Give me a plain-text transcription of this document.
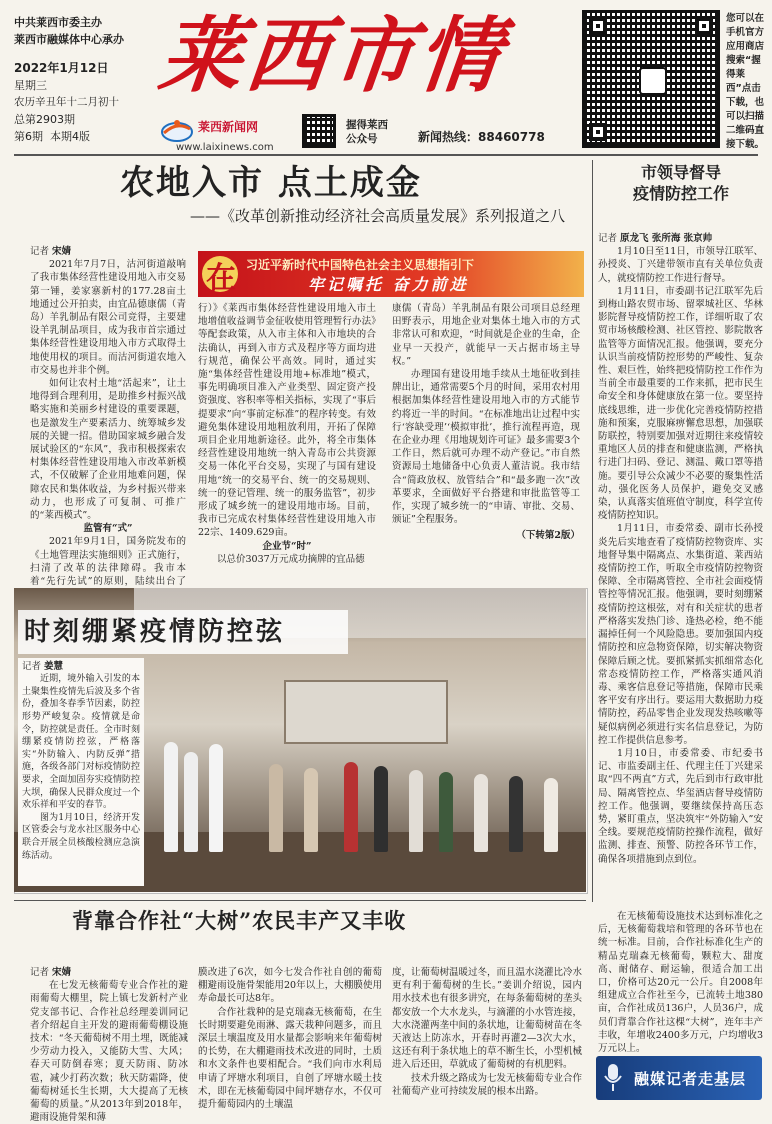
中共莱西市委主办
莱西市融媒体中心承办
2022年1月12日
星期三
农历辛丑年十二月初十
总第2903期
第6期 本期4版
莱西市情
莱西新闻网
www.laixinews.com
握得莱西
公众号	新闻热线：88460778
您可以在手机官方应用商店搜索“握得莱西”点击下载，也可以扫描二维码直接下载。
农地入市 点土成金
——《改革创新推动经济社会高质量发展》系列报道之八

记者 宋婧

2021年7月7日，沽河街道敲响了我市集体经营性建设用地入市交易第一锤，姜家寨新村的177.28亩土地通过公开拍卖，由宜品德康儒（青岛）羊乳制品有限公司竞得，主要建设羊乳制品项目，成为我市首宗通过集体经营性建设用地入市方式取得土地使用权的项目。而沽河街道农地入市交易也并非个例。

如何让农村土地“活起来”，让土地得到合理利用，是助推乡村振兴战略实施和美丽乡村建设的重要课题，也是激发生产要素活力、统筹城乡发展的关键一招。借助国家城乡融合发展试验区的“东风”，我市积极探索农村集体经营性建设用地入市改革新模式，不仅破解了企业用地难问题，保障农民和集体收益，为乡村振兴带来动力，也形成了可复制、可推广的“莱西模式”。

监管有“式”

2021年9月1日，国务院发布的《土地管理法实施细则》正式施行，扫清了改革的法律障碍。我市本着“先行先试”的原则，陆续出台了

在 习近平新时代中国特色社会主义思想指引下
牢记嘱托 奋力前进

行）》《莱西市集体经营性建设用地入市土地增值收益调节金征收使用管理暂行办法》等配套政策，从入市主体和入市地块的合法确认，再到入市方式及程序等方面均进行规范，确保公平高效。同时，通过实施“集体经营性建设用地+标准地”模式，事先明确项目准入产业类型、固定资产投资强度、容积率等相关指标，实现了“事后提要求”向“事前定标准”的程序转变。有效避免集体建设用地粗放利用，开拓了保障项目企业用地新途径。此外，将全市集体经营性建设用地统一纳入青岛市公共资源交易一体化平台交易，实现了与国有建设用地“统一的交易平台、统一的交易规则、统一的登记管理、统一的服务监管”，初步形成了城乡统一的建设用地市场。目前，我市已完成农村集体经营性建设用地入市22宗、1409.629亩。

企业节“时”

以总价3037万元成功摘牌的宜品德

康儒（青岛）羊乳制品有限公司项目总经理田野表示，用地企业对集体土地入市的方式非常认可和欢迎，“时间就是企业的生命，企业早一天投产，就能早一天占据市场主导权。”

办理国有建设用地手续从土地征收到挂牌出让，通常需要5个月的时间，采用农村用根据加集体经营性建设用地入市的方式能节约将近一半的时间。“在标准地出让过程中实行‘容缺受理’‘模拟审批’，推行流程再造，现在企业办理《用地规划许可证》最多需要3个工作日，然后就可办理不动产登记。”市自然资源局土地储备中心负责人董洁说。我市结合“简政放权、放管结合”和“最多跑一次”改革要求，全面做好平台搭建和审批监管等工作，实现了城乡统一的“申请、审批、交易、颁证”全程服务。

（下转第2版）

市领导督导
疫情防控工作

记者 原龙飞 张所海 张京帅

1月10日至11日，市领导江联军、孙授炎、丁兴建带领市直有关单位负责人，就疫情防控工作进行督导。

1月11日，市委副书记江联军先后到梅山路农贸市场、留翠城社区、华林影院督导疫情防控工作，详细听取了农贸市场核酸检测、社区管控、影院散客监管等方面情况汇报。他强调，要充分认识当前疫情防控形势的严峻性、复杂性、艰巨性，始终把疫情防控工作作为当前全市最重要的工作来抓，把市民生命安全和身体健康放在第一位。要坚持底线思维，进一步优化完善疫情防控措施和预案，克服麻痹懈怠思想，加强联防联控，特别要加强对近期往来疫情较重地区人员的排查和健康监测，严格执行进门扫码、登记、测温、戴口罩等措施。要引导公众减少不必要的聚集性活动，强化医务人员保护，避免交叉感染，认真落实值班值守制度，科学宣传疫情防控知识。

1月11日，市委常委、副市长孙授炎先后实地查看了疫情防控物资库、实地督导集中隔离点、水集街道、莱西站疫情防控工作，听取全市疫情防控物资保障、全市隔离管控、全市社会面疫情管控等情况汇报。他强调，要时刻绷紧疫情防控这根弦，对有和关症状的患者严格落实发热门诊、逢热必检，绝不能漏掉任何一个风险隐患。要加强国内疫情防控和应急物资保障，切实解决物资保障后顾之忧。要抓紧抓实抓细常态化常态疫情防控工作，严格落实通风消毒、乘客信息登记等措施，保障市民乘客平安有序出行。要运用大数据助力疫情防控，药品零售企业发现发热咳嗽等疑似病例必须进行实名信息登记，为防控工作提供信息参考。

1月10日，市委常委、市纪委书记、市监委副主任、代理主任丁兴建采取“四不两直”方式，先后到市行政审批局、隔离管控点、华玺酒店督导疫情防控工作。他强调，要继续保持高压态势，紧盯重点，坚决筑牢“外防输入”安全线。要规范疫情防控操作流程，做好监测、排查、预警、防控各环节工作，确保各项措施到点到位。

时刻绷紧疫情防控弦

记者 姜慧

近期，境外输入引发的本土聚集性疫情先后波及多个省份，叠加冬春季节因素，防控形势严峻复杂。疫情就是命令，防控就是责任。全市时刻绷紧疫情防控弦，严格落实“外防输入、内防反弹”措施，各级各部门对标疫情防控要求，全面加固夯实疫情防控大坝，确保人民群众度过一个欢乐祥和平安的春节。

图为1月10日，经济开发区管委会与龙水社区服务中心联合开展全员核酸检测应急演练活动。

背靠合作社“大树”农民丰产又丰收

记者 宋婧

在七发无核葡萄专业合作社的避雨葡萄大棚里，院上镇七发新村产业党支部书记、合作社总经理姜训同记者介绍起自主开发的避雨葡萄棚设施技术：“冬天葡萄树不用土埋，既能减少劳动力投入，又能防大雪、大风；春天可防倒春寒；夏天防雨、防冰雹，减少打药次数；秋天防霜降，使葡萄树延长生长期，大大提高了无核葡萄的质量。”从2013年到2018年，避雨设施骨架和薄

膜改进了6次，如今七发合作社自创的葡萄棚避雨设施骨架能用20年以上，大棚膜使用寿命最长可达8年。

合作社栽种的是克瑞森无核葡萄，在生长时期要避免雨淋、露天栽种问题多，而且深层土壤温度及用水量都会影响来年葡萄树的长势，在大棚避雨技术改进的同时，土质和水文条件也要相配合。“我们向市水利局申请了坪塘水利项目，自创了坪塘水暖土技术，即在无核葡萄园中间坪塘存水，不仅可提升葡萄园内的土壤温

度，让葡萄树温暖过冬，而且温水浇灌比冷水更有利于葡萄树的生长。”姜训介绍说，园内用水技术也有很多讲究，在每条葡萄树的垄头都安放一个大水龙头，与滴灌的小水管连接，大水浇灌两垄中间的条状地，让葡萄树苗在冬天液达上防冻水，开春时再灌2—3次大水，这还有利于条状地上的草不断生长，小型机械进入后还田，草就成了葡萄树的有机肥料。

技术升级之路成为七发无核葡萄专业合作社葡萄产业可持续发展的根本出路。

在无核葡萄设施技术达到标准化之后，无核葡萄栽培和管理的各环节也在统一标准。目前，合作社标准化生产的精品克瑞森无核葡萄，颗粒大、甜度高、耐储存、耐运输，很适合加工出口，价格可达20元一公斤。自2008年组建成立合作社至今，已流转土地380亩，合作社成员136户，人员36户，成员们背靠合作社这棵“大树”，连年丰产丰收，年增收2400多万元，户均增收3万元以上。

融媒记者走基层
